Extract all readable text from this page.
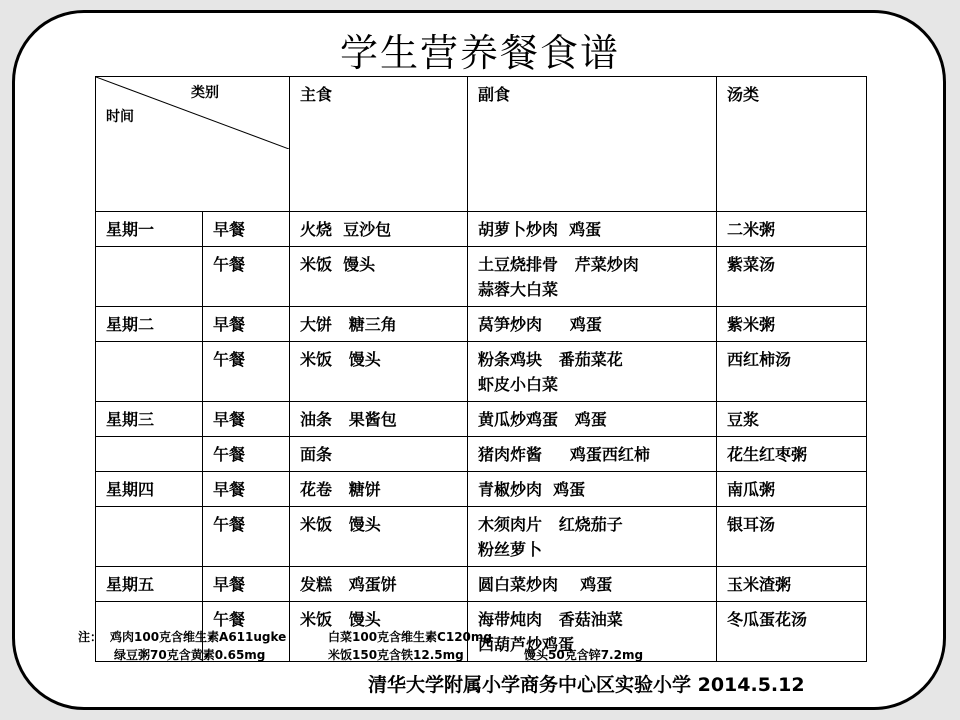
学生营养餐食谱

类别

时间		主食	副食	汤类
星期一	早餐	火烧  豆沙包	胡萝卜炒肉  鸡蛋	二米粥
	午餐	米饭  馒头	土豆烧排骨   芹菜炒肉
蒜蓉大白菜	紫菜汤
星期二	早餐	大饼   糖三角	莴笋炒肉     鸡蛋	紫米粥
	午餐	米饭   馒头	粉条鸡块   番茄菜花
虾皮小白菜	西红柿汤
星期三	早餐	油条   果酱包	黄瓜炒鸡蛋   鸡蛋	豆浆
	午餐	面条	猪肉炸酱     鸡蛋西红柿	花生红枣粥
星期四	早餐	花卷   糖饼	青椒炒肉  鸡蛋	南瓜粥
	午餐	米饭   馒头	木须肉片   红烧茄子
粉丝萝卜	银耳汤
星期五	早餐	发糕   鸡蛋饼	圆白菜炒肉    鸡蛋	玉米渣粥
	午餐	米饭   馒头	海带炖肉   香菇油菜
西葫芦炒鸡蛋	冬瓜蛋花汤
注： 鸡肉100克含维生素A611ugke	白菜100克含维生素C120mg
绿豆粥70克含黄素0.65mg	米饭150克含铁12.5mg	馒头50克含锌7.2mg
清华大学附属小学商务中心区实验小学 2014.5.12
